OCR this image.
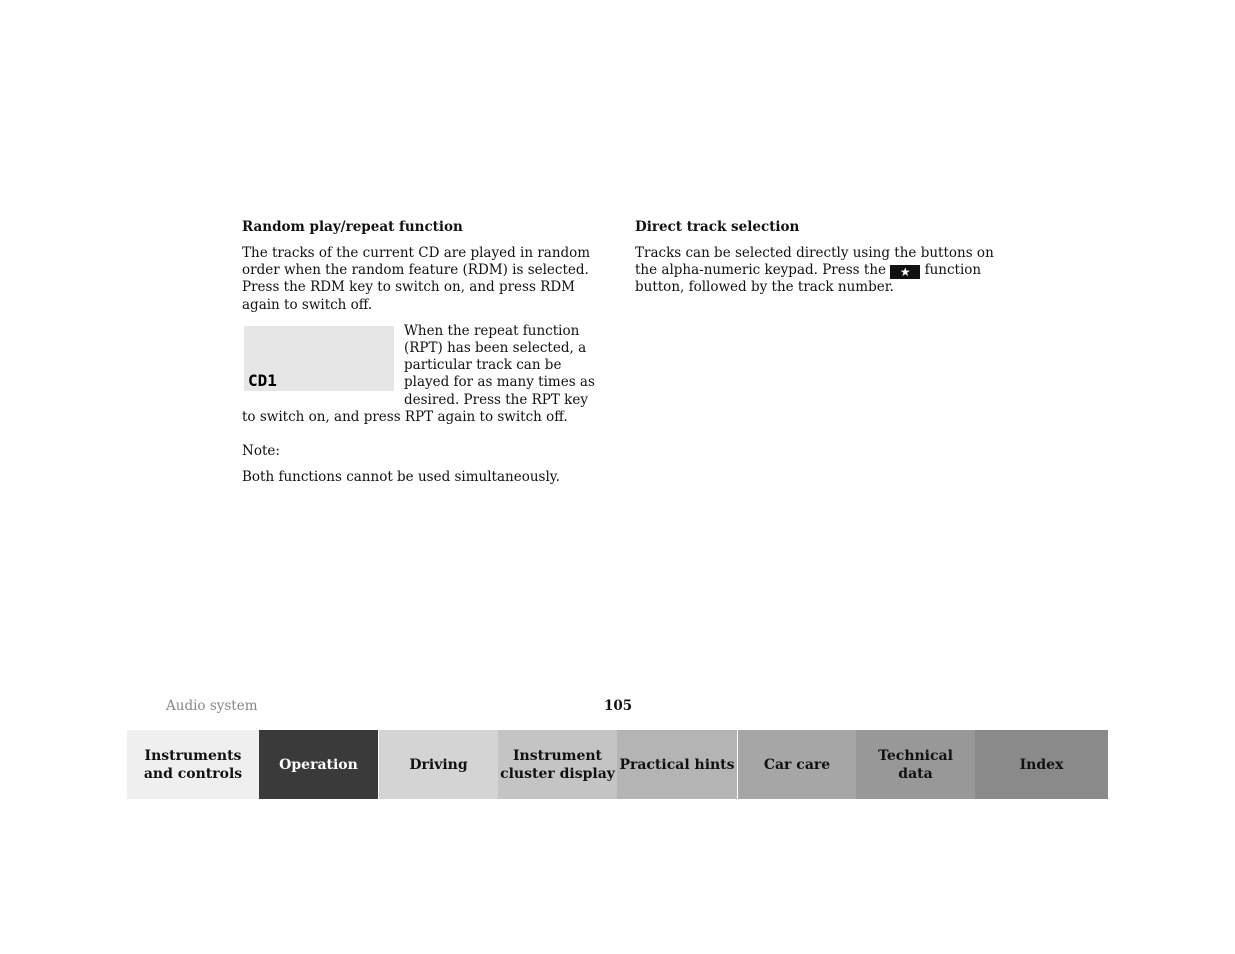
Random play/repeat function

The tracks of the current CD are played in random order when the random feature (RDM) is selected. Press the RDM key to switch on, and press RDM again to switch off.

CD1

When the repeat function (RPT) has been selected, a particular track can be played for as many times as desired. Press the RPT key to switch on, and press RPT again to switch off.

Note:

Both functions cannot be used simultaneously.

Direct track selection

Tracks can be selected directly using the buttons on the alpha-numeric keypad. Press the ★ function button, followed by the track number.

Audio system	105
Instruments
and controls
Operation	Driving
Instrument
cluster display
Practical hints	Car care
Technical
data
Index
